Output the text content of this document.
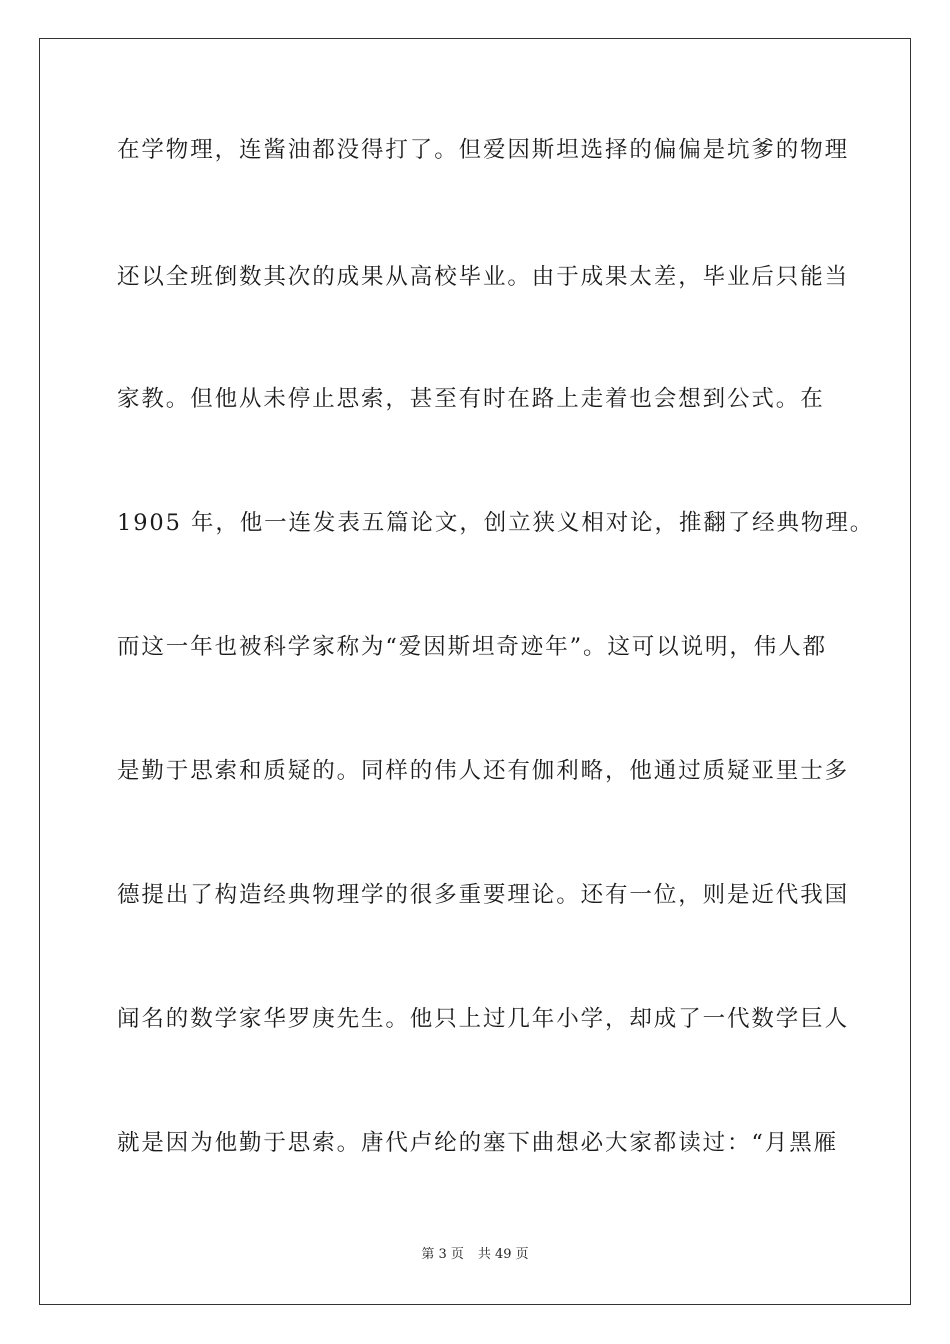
在学物理，连酱油都没得打了。但爱因斯坦选择的偏偏是坑爹的物理
还以全班倒数其次的成果从高校毕业。由于成果太差，毕业后只能当
家教。但他从未停止思索，甚至有时在路上走着也会想到公式。在
1905 年，他一连发表五篇论文，创立狭义相对论，推翻了经典物理。
而这一年也被科学家称为“爱因斯坦奇迹年”。这可以说明，伟人都
是勤于思索和质疑的。同样的伟人还有伽利略，他通过质疑亚里士多
德提出了构造经典物理学的很多重要理论。还有一位，则是近代我国
闻名的数学家华罗庚先生。他只上过几年小学，却成了一代数学巨人
就是因为他勤于思索。唐代卢纶的塞下曲想必大家都读过：“月黑雁
第 3 页 共 49 页
